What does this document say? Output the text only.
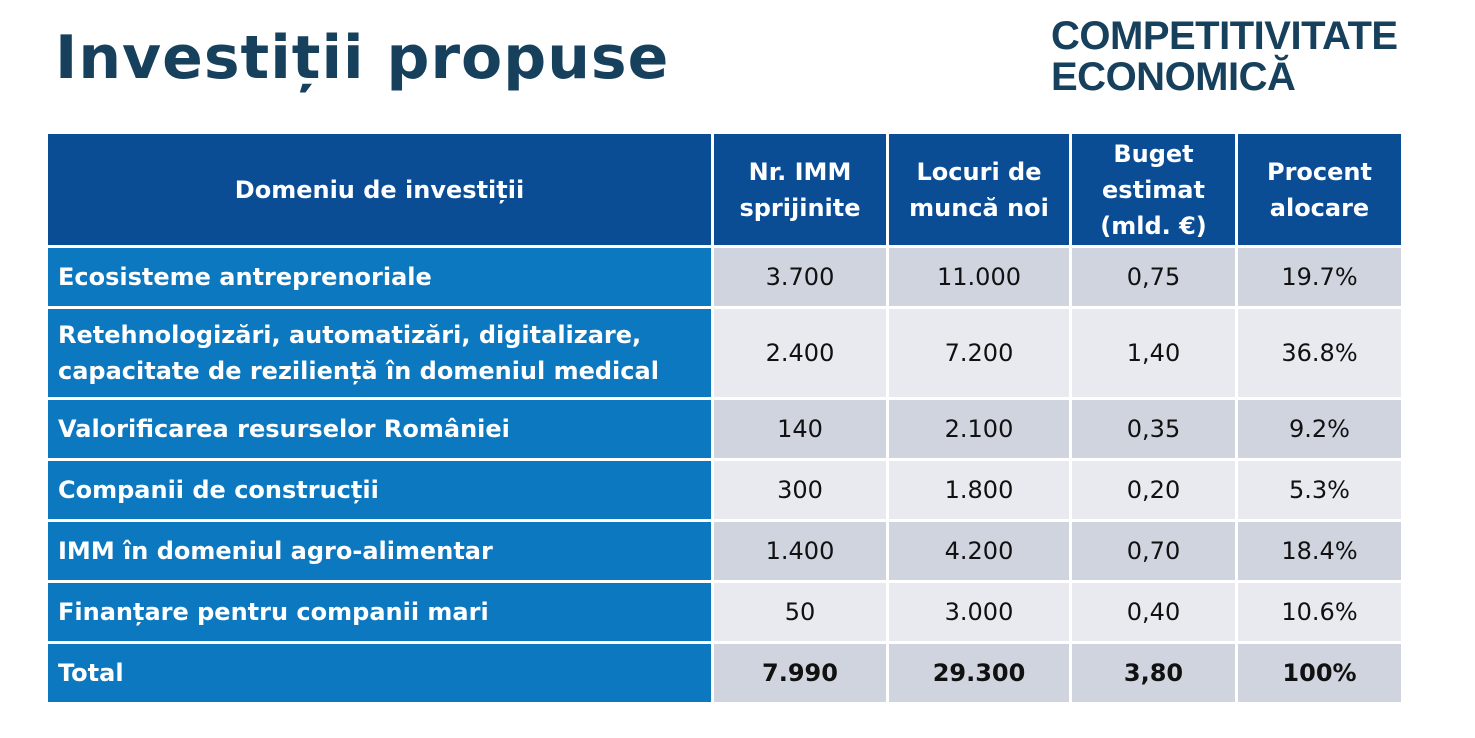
Investiții propuse	COMPETITIVITATE
ECONOMICĂ
Domeniu de investiții	Nr. IMM sprijinite	Locuri de muncă noi	Buget estimat (mld. €)	Procent alocare
Ecosisteme antreprenoriale	3.700	11.000	0,75	19.7%
Retehnologizări, automatizări, digitalizare, capacitate de reziliență în domeniul medical	2.400	7.200	1,40	36.8%
Valorificarea resurselor României	140	2.100	0,35	9.2%
Companii de construcții	300	1.800	0,20	5.3%
IMM în domeniul agro-alimentar	1.400	4.200	0,70	18.4%
Finanțare pentru companii mari	50	3.000	0,40	10.6%
Total	7.990	29.300	3,80	100%
